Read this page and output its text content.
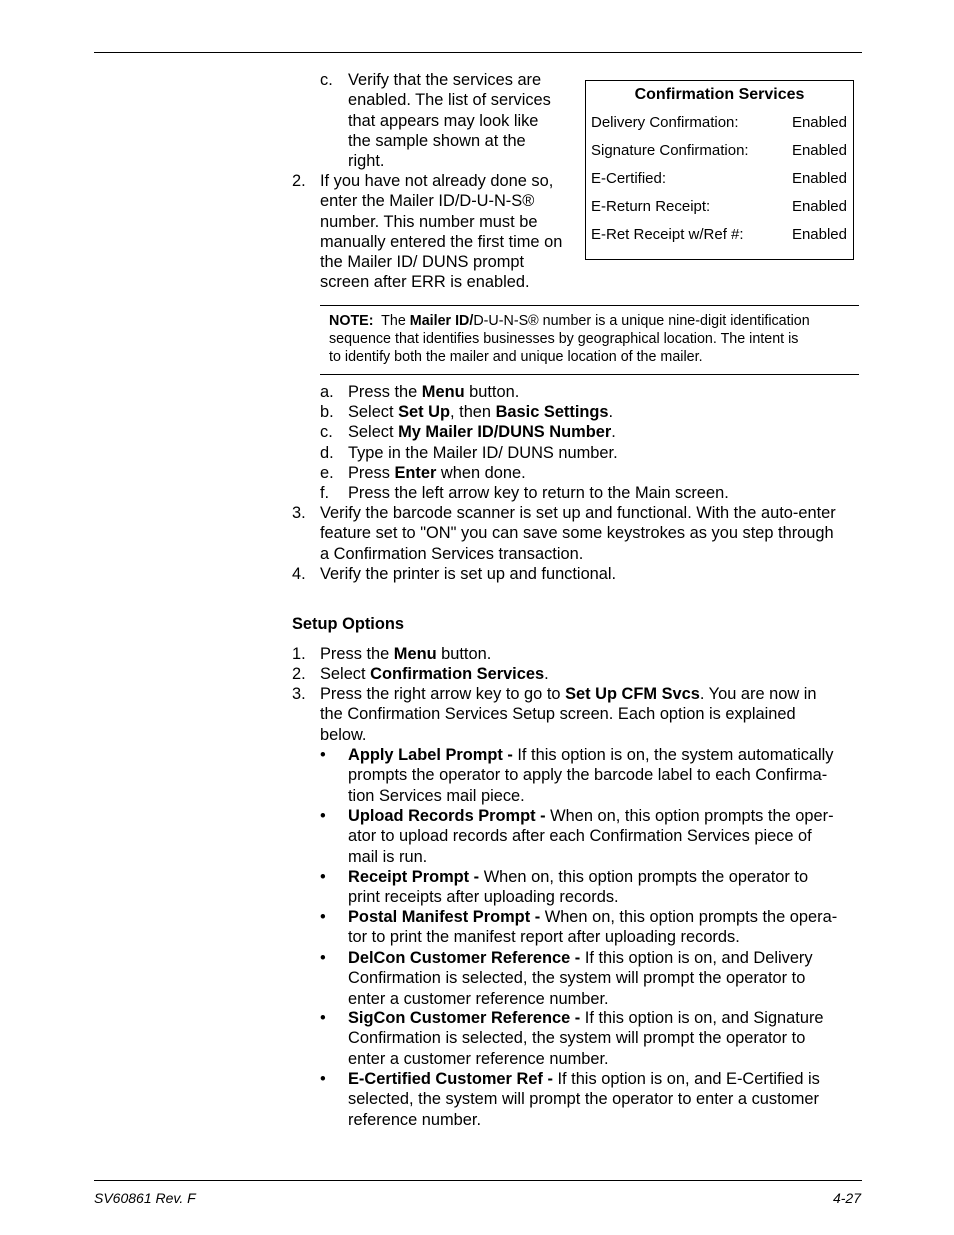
c. Verify that the services are
enabled. The list of services
that appears may look like
the sample shown at the
right.
2. If you have not already done so,
enter the Mailer ID/D-U-N-S®
number. This number must be
manually entered the first time on
the Mailer ID/ DUNS prompt
screen after ERR is enabled.
Confirmation Services
Delivery Confirmation:	Enabled
Signature Confirmation:	Enabled
E-Certified:	Enabled
E-Return Receipt:	Enabled
E-Ret Receipt w/Ref #:	Enabled
NOTE: The Mailer ID/D-U-N-S® number is a unique nine-digit identification
sequence that identifies businesses by geographical location. The intent is
to identify both the mailer and unique location of the mailer.
a. Press the Menu button.
b. Select Set Up, then Basic Settings.
c. Select My Mailer ID/DUNS Number.
d. Type in the Mailer ID/ DUNS number.
e. Press Enter when done.
f. Press the left arrow key to return to the Main screen.
3. Verify the barcode scanner is set up and functional. With the auto-enter
feature set to "ON" you can save some keystrokes as you step through
a Confirmation Services transaction.
4. Verify the printer is set up and functional.
Setup Options
1. Press the Menu button.
2. Select Confirmation Services.
3. Press the right arrow key to go to Set Up CFM Svcs. You are now in
the Confirmation Services Setup screen. Each option is explained
below.
• Apply Label Prompt - If this option is on, the system automatically
prompts the operator to apply the barcode label to each Confirma-
tion Services mail piece.
• Upload Records Prompt - When on, this option prompts the oper-
ator to upload records after each Confirmation Services piece of
mail is run.
• Receipt Prompt - When on, this option prompts the operator to
print receipts after uploading records.
• Postal Manifest Prompt - When on, this option prompts the opera-
tor to print the manifest report after uploading records.
• DelCon Customer Reference - If this option is on, and Delivery
Confirmation is selected, the system will prompt the operator to
enter a customer reference number.
• SigCon Customer Reference - If this option is on, and Signature
Confirmation is selected, the system will prompt the operator to
enter a customer reference number.
• E-Certified Customer Ref - If this option is on, and E-Certified is
selected, the system will prompt the operator to enter a customer
reference number.
SV60861 Rev. F	4-27
